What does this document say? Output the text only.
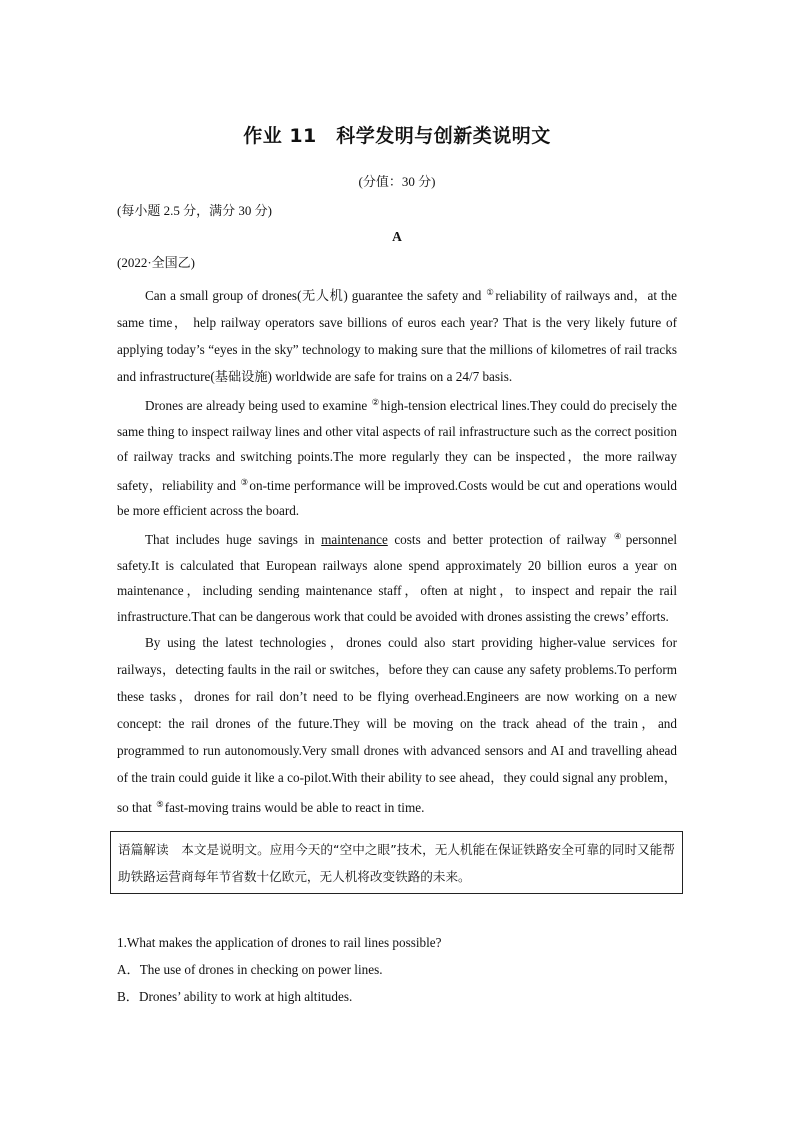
作业 11　科学发明与创新类说明文
(分值：30 分)
(每小题 2.5 分，满分 30 分)
A
(2022·全国乙)

Can a small group of drones(无人机) guarantee the safety and ①reliability of railways and，at the same time， help railway operators save billions of euros each year? That is the very likely future of applying today’s “eyes in the sky” technology to making sure that the millions of kilometres of rail tracks and infrastructure(基础设施) worldwide are safe for trains on a 24/7 basis.

Drones are already being used to examine ②high-tension electrical lines.They could do precisely the same thing to inspect railway lines and other vital aspects of rail infrastructure such as the correct position of railway tracks and switching points.The more regularly they can be inspected，the more railway safety，reliability and ③on-time performance will be improved.Costs would be cut and operations would be more efficient across the board.

That includes huge savings in maintenance costs and better protection of railway ④personnel safety.It is calculated that European railways alone spend approximately 20 billion euros a year on maintenance，including sending maintenance staff，often at night，to inspect and repair the rail infrastructure.That can be dangerous work that could be avoided with drones assisting the crews’ efforts.

By using the latest technologies，drones could also start providing higher-value services for railways，detecting faults in the rail or switches，before they can cause any safety problems.To perform these tasks，drones for rail don’t need to be flying overhead.Engineers are now working on a new concept: the rail drones of the future.They will be moving on the track ahead of the train，and programmed to run autonomously.Very small drones with advanced sensors and AI and travelling ahead of the train could guide it like a co-pilot.With their ability to see ahead，they could signal any problem，so that ⑤fast-moving trains would be able to react in time.

语篇解读　本文是说明文。应用今天的“空中之眼”技术，无人机能在保证铁路安全可靠的同时又能帮助铁路运营商每年节省数十亿欧元，无人机将改变铁路的未来。

1.What makes the application of drones to rail lines possible?

A．The use of drones in checking on power lines.

B．Drones’ ability to work at high altitudes.
